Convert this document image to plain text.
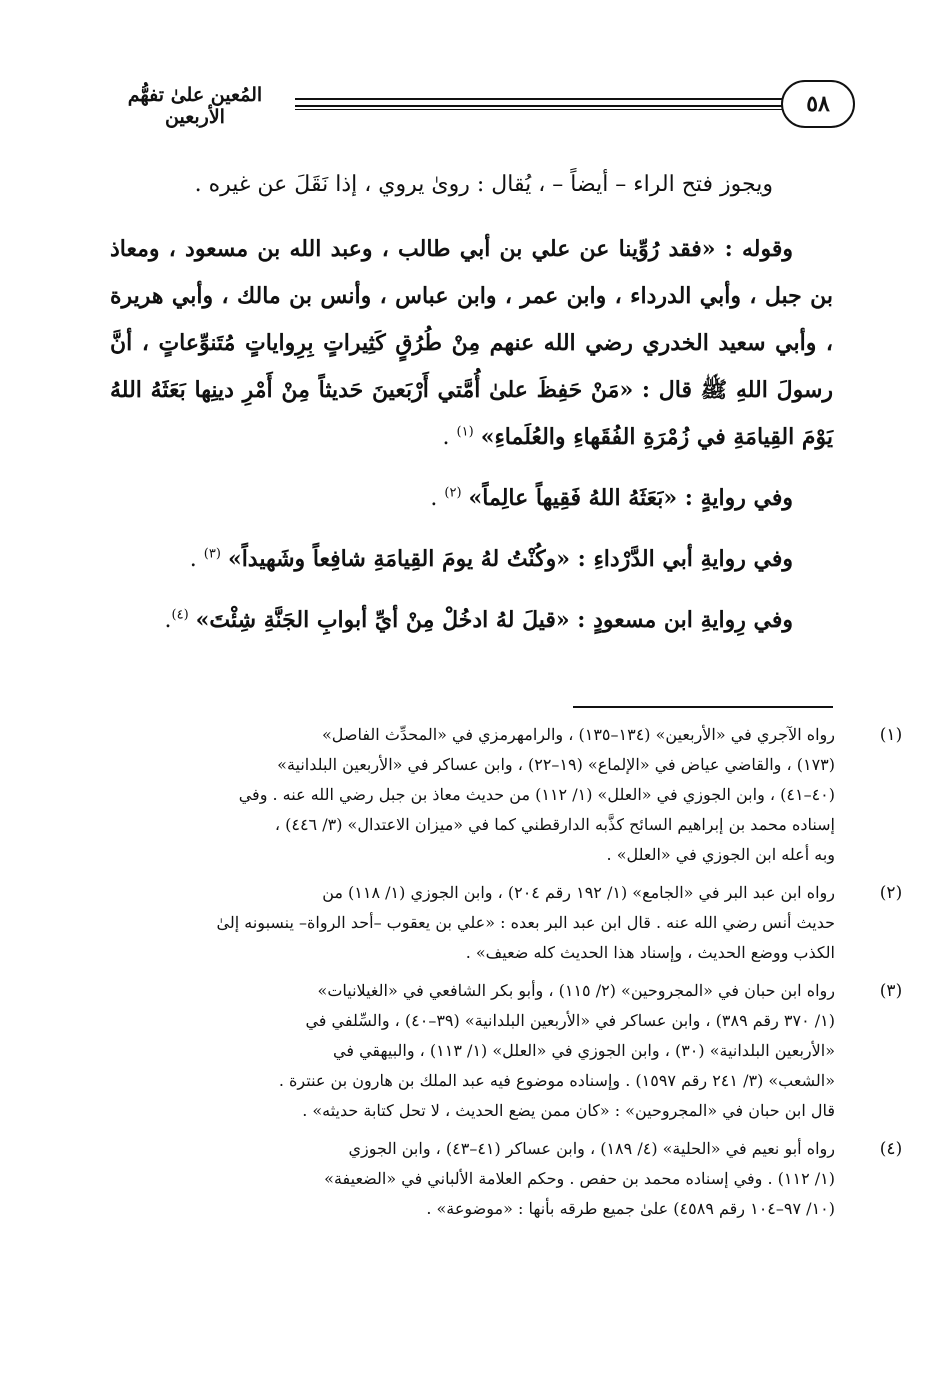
٥٨
المُعين علىٰ تفهُّم الأربعين

ويجوز فتح الراء – أيضاً – ، يُقال : روىٰ يروي ، إذا نَقَلَ عن غيره .

وقوله : «فقد رُوِّينا عن علي بن أبي طالب ، وعبد الله بن مسعود ، ومعاذ بن جبل ، وأبي الدرداء ، وابن عمر ، وابن عباس ، وأنس بن مالك ، وأبي هريرة ، وأبي سعيد الخدري رضي الله عنهم مِنْ طُرُقٍ كَثِيراتٍ بِرِواياتٍ مُتَنوِّعاتٍ ، أنَّ رسولَ اللهِ ﷺ قال : «مَنْ حَفِظَ علىٰ أُمَّتي أَرْبَعينَ حَديثاً مِنْ أَمْرِ دينِها بَعَثَهُ اللهُ يَوْمَ القِيامَةِ في زُمْرَةِ الفُقَهاءِ والعُلَماءِ» $^{(١)}$ .

وفي روايةٍ : «بَعَثَهُ اللهُ فَقِيهاً عالِماً» $^{(٢)}$ .

وفي روايةِ أبي الدَّرْداءِ : «وكُنْتُ لهُ يومَ القِيامَةِ شافِعاً وشَهيداً» $^{(٣)}$ .

وفي رِوايةِ ابن مسعودٍ : «قيلَ لهُ ادخُلْ مِنْ أيِّ أبوابِ الجَنَّةِ شِئْتَ» $^{(٤)}$.

(١)
رواه الآجري في «الأربعين» (١٣٤–١٣٥) ، والرامهرمزي في «المحدِّث الفاصل»
(١٧٣) ، والقاضي عياض في «الإلماع» (١٩–٢٢) ، وابن عساكر في «الأربعين البلدانية»
(٤٠–٤١) ، وابن الجوزي في «العلل» (١/ ١١٢) من حديث معاذ بن جبل رضي الله عنه . وفي
إسناده محمد بن إبراهيم السائح كذَّبه الدارقطني كما في «ميزان الاعتدال» (٣/ ٤٤٦) ،
وبه أعله ابن الجوزي في «العلل» .
(٢)
رواه ابن عبد البر في «الجامع» (١/ ١٩٢ رقم ٢٠٤) ، وابن الجوزي (١/ ١١٨) من
حديث أنس رضي الله عنه . قال ابن عبد البر بعده : «علي بن يعقوب –أحد الرواة– ينسبونه إلىٰ
الكذب ووضع الحديث ، وإسناد هذا الحديث كله ضعيف» .
(٣)
رواه ابن حبان في «المجروحين» (٢/ ١١٥) ، وأبو بكر الشافعي في «الغيلانيات»
(١/ ٣٧٠ رقم ٣٨٩) ، وابن عساكر في «الأربعين البلدانية» (٣٩–٤٠) ، والسِّلفي في
«الأربعين البلدانية» (٣٠) ، وابن الجوزي في «العلل» (١/ ١١٣) ، والبيهقي في
«الشعب» (٣/ ٢٤١ رقم ١٥٩٧) . وإسناده موضوع فيه عبد الملك بن هارون بن عنترة .
قال ابن حبان في «المجروحين» : «كان ممن يضع الحديث ، لا تحل كتابة حديثه» .
(٤)
رواه أبو نعيم في «الحلية» (٤/ ١٨٩) ، وابن عساكر (٤١–٤٣) ، وابن الجوزي
(١/ ١١٢) . وفي إسناده محمد بن حفص . وحكم العلامة الألباني في «الضعيفة»
(١٠/ ٩٧–١٠٤ رقم ٤٥٨٩) علىٰ جميع طرقه بأنها : «موضوعة» .
